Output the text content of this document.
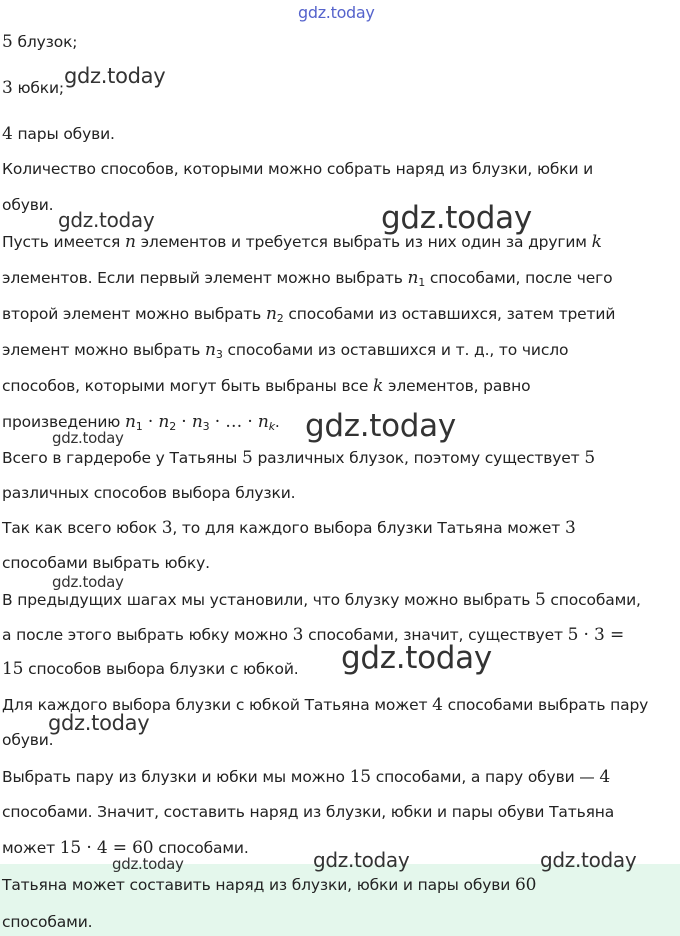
5 блузок;
3 юбки;
4 пары обуви.
Количество способов, которыми можно собрать наряд из блузки, юбки и
обуви.
Пусть имеется n элементов и требуется выбрать из них один за другим k
элементов. Если первый элемент можно выбрать $n_1$ способами, после чего
второй элемент можно выбрать $n_2$ способами из оставшихся, затем третий
элемент можно выбрать $n_3$ способами из оставшихся и т. д., то число
способов, которыми могут быть выбраны все k элементов, равно
произведению $n_1 \cdot n_2 \cdot n_3$ · … · $n_k$.
Всего в гардеробе у Татьяны 5 различных блузок, поэтому существует 5
различных способов выбора блузки.
Так как всего юбок 3, то для каждого выбора блузки Татьяна может 3
способами выбрать юбку.
В предыдущих шагах мы установили, что блузку можно выбрать 5 способами,
а после этого выбрать юбку можно 3 способами, значит, существует 5 · 3 =
15 способов выбора блузки с юбкой.
Для каждого выбора блузки с юбкой Татьяна может 4 способами выбрать пару
обуви.
Выбрать пару из блузки и юбки мы можно 15 способами, а пару обуви — 4
способами. Значит, составить наряд из блузки, юбки и пары обуви Татьяна
может 15 · 4 = 60 способами.
Татьяна может составить наряд из блузки, юбки и пары обуви 60
способами.
gdz.today
gdz.today
gdz.today	gdz.today
gdz.today
gdz.today
gdz.today
gdz.today
gdz.today
gdz.today	gdz.today	gdz.today
